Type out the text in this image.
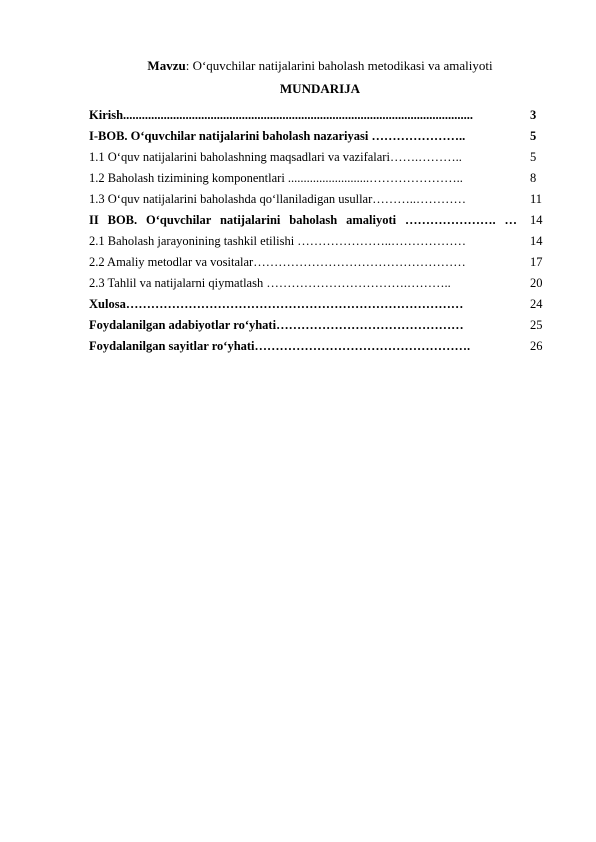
Mavzu: O‘quvchilar natijalarini baholash metodikasi va amaliyoti
MUNDARIJA
Kirish................................................................................................................	3
I-BOB. O‘quvchilar natijalarini baholash nazariyasi …………………..	5
1.1 O‘quv natijalarini baholashning maqsadlari va vazifalari…….………..	5
1.2 Baholash tizimining komponentlari ..........................…………………..	8
1.3 O‘quv natijalarini baholashda qo‘llaniladigan usullar………..…………	11
II BOB. O‘quvchilar natijalarini baholash amaliyoti …………………. … 14
2.1 Baholash jarayonining tashkil etilishi …………………..………………	14
2.2 Amaliy metodlar va vositalar……………………………………………	17
2.3 Tahlil va natijalarni qiymatlash …………………………….………..	20
Xulosa………………………………………………………………………	24
Foydalanilgan adabiyotlar ro‘yhati………………………………………	25
Foydalanilgan sayitlar ro‘yhati…………………………………………….	26
